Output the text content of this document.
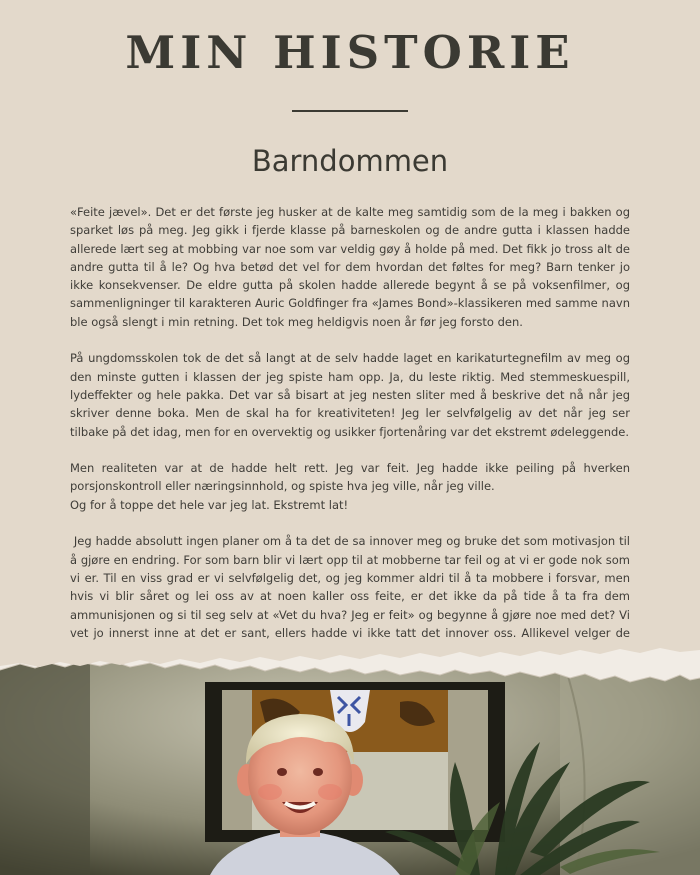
MIN HISTORIE
Barndommen

«Feite jævel». Det er det første jeg husker at de kalte meg samtidig som de la meg i bakken og sparket løs på meg. Jeg gikk i fjerde klasse på barneskolen og de andre gutta i klassen hadde allerede lært seg at mobbing var noe som var veldig gøy å holde på med. Det fikk jo tross alt de andre gutta til å le? Og hva betød det vel for dem hvordan det føltes for meg? Barn tenker jo ikke konsekvenser. De eldre gutta på skolen hadde allerede begynt å se på voksenfilmer, og sammenligninger til karakteren Auric Goldfinger fra «James Bond»-klassikeren med samme navn ble også slengt i min retning. Det tok meg heldigvis noen år før jeg forsto den.

På ungdomsskolen tok de det så langt at de selv hadde laget en karikaturtegnefilm av meg og den minste gutten i klassen der jeg spiste ham opp. Ja, du leste riktig. Med stemmeskuespill, lydeffekter og hele pakka. Det var så bisart at jeg nesten sliter med å beskrive det nå når jeg skriver denne boka. Men de skal ha for kreativiteten! Jeg ler selvfølgelig av det når jeg ser tilbake på det idag, men for en overvektig og usikker fjortenåring var det ekstremt ødeleggende.

Men realiteten var at de hadde helt rett. Jeg var feit. Jeg hadde ikke peiling på hverken porsjonskontroll eller næringsinnhold, og spiste hva jeg ville, når jeg ville.

Og for å toppe det hele var jeg lat. Ekstremt lat!

Jeg hadde absolutt ingen planer om å ta det de sa innover meg og bruke det som motivasjon til å gjøre en endring. For som barn blir vi lært opp til at mobberne tar feil og at vi er gode nok som vi er. Til en viss grad er vi selvfølgelig det, og jeg kommer aldri til å ta mobbere i forsvar, men hvis vi blir såret og lei oss av at noen kaller oss feite, er det ikke da på tide å ta fra dem ammunisjonen og si til seg selv at «Vet du hva? Jeg er feit» og begynne å gjøre noe med det? Vi vet jo innerst inne at det er sant, ellers hadde vi ikke tatt det innover oss. Allikevel velger de
